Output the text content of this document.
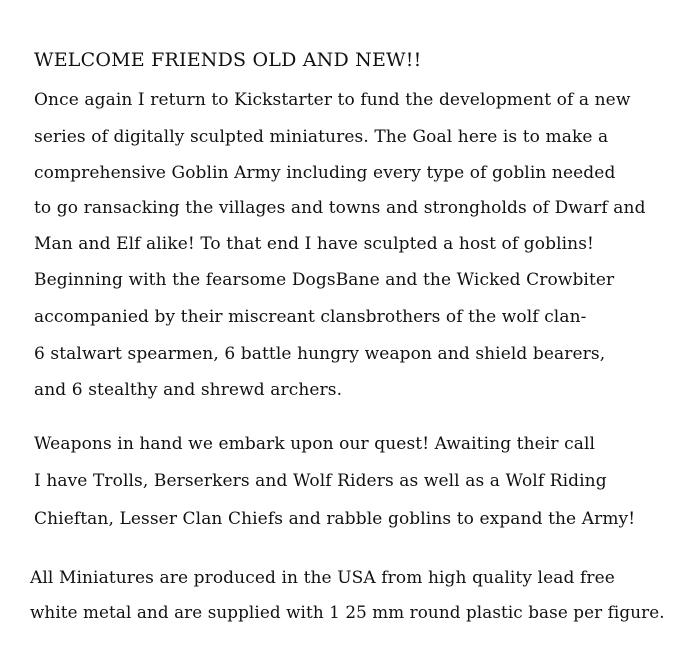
WELCOME FRIENDS OLD AND NEW!!
Once again I return to Kickstarter to fund the development of a new
series of digitally sculpted miniatures. The Goal here is to make a
comprehensive Goblin Army including every type of goblin needed
to go ransacking the villages and towns and strongholds of Dwarf and
Man and Elf alike! To that end I have sculpted a host of goblins!
Beginning with the fearsome DogsBane and the Wicked Crowbiter
accompanied by their miscreant clansbrothers of the wolf clan-
6 stalwart spearmen, 6 battle hungry weapon and shield bearers,
and 6 stealthy and shrewd archers.
Weapons in hand we embark upon our quest! Awaiting their call
I have Trolls, Berserkers and Wolf Riders as well as a Wolf Riding
Chieftan, Lesser Clan Chiefs and rabble goblins to expand the Army!
All Miniatures are produced in the USA from high quality lead free
white metal and are supplied with 1 25 mm round plastic base per figure.
